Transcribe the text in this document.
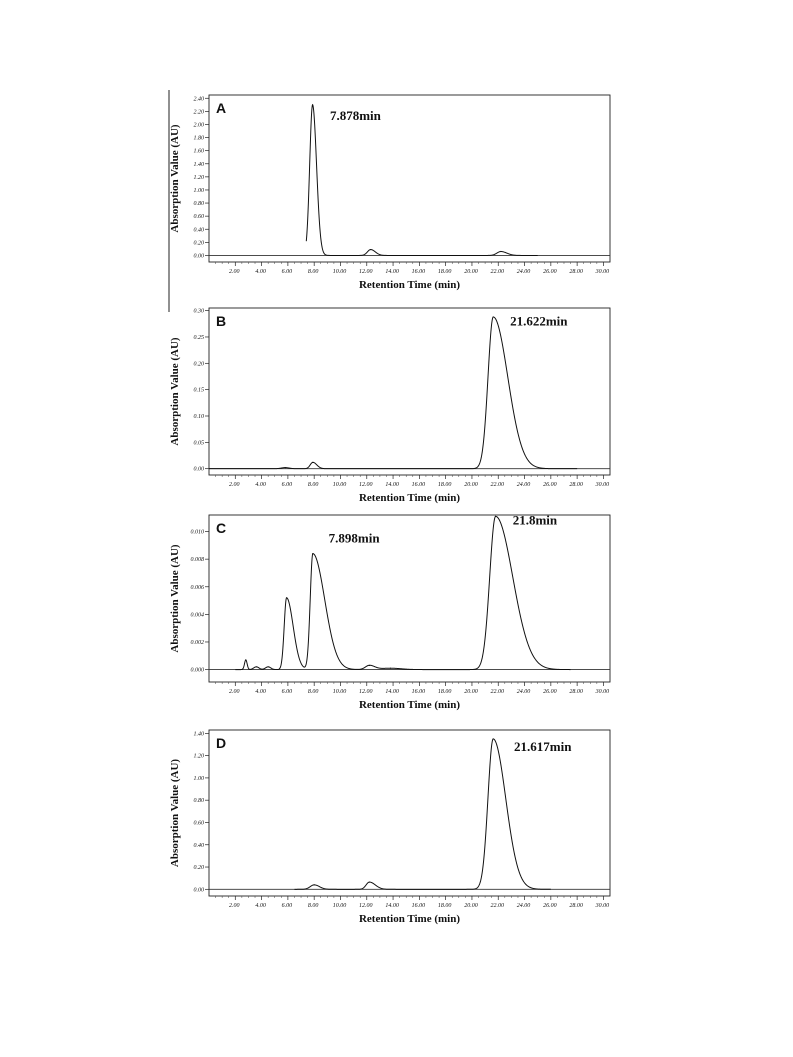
2.00	4.00	6.00	8.00 10.00 12.00 14.00 16.00 18.00 20.00 22.00 24.00 26.00 28.00 30.00
0.00
0.20
0.40
0.60
0.80
1.00
1.20
1.40
1.60
1.80
2.00
2.20
2.40
Retention Time (min)
Absorption Value (AU)
A	7.878min
2.00	4.00	6.00	8.00 10.00 12.00 14.00 16.00 18.00 20.00 22.00 24.00 26.00 28.00 30.00
0.00
0.05
0.10
0.15
0.20
0.25
0.30
Retention Time (min)
Absorption Value (AU)
B	21.622min
2.00	4.00	6.00	8.00 10.00 12.00 14.00 16.00 18.00 20.00 22.00 24.00 26.00 28.00 30.00
0.000
0.002
0.004
0.006
0.008
0.010
Retention Time (min)
Absorption Value (AU)
C
7.898min
21.8min
2.00	4.00	6.00	8.00 10.00 12.00 14.00 16.00 18.00 20.00 22.00 24.00 26.00 28.00 30.00
0.00
0.20
0.40
0.60
0.80
1.00
1.20
1.40
Retention Time (min)
Absorption Value (AU)
D	21.617min
